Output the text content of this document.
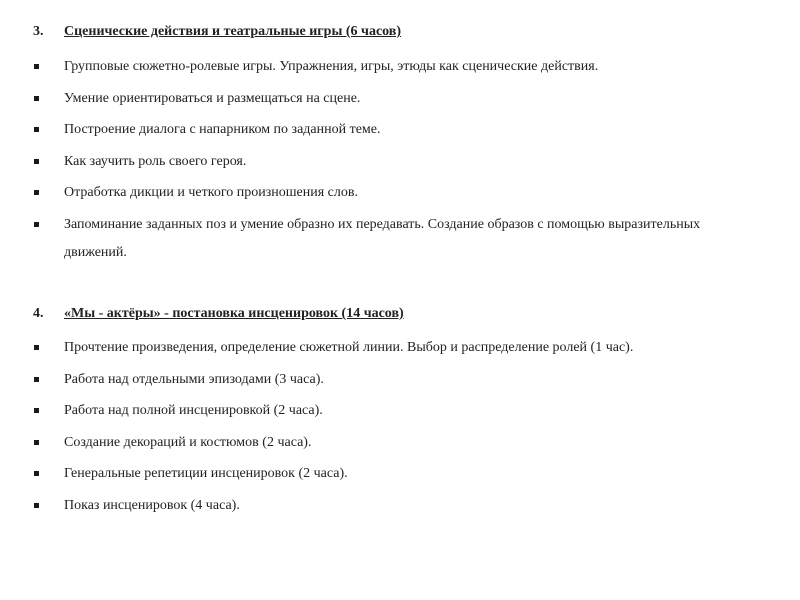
3. Сценические действия и театральные игры (6 часов)
Групповые сюжетно-ролевые игры. Упражнения, игры, этюды как сценические действия.
Умение ориентироваться и размещаться на сцене.
Построение диалога с напарником по заданной теме.
Как заучить роль своего героя.
Отработка дикции и четкого произношения слов.
Запоминание заданных поз и умение образно их передавать. Создание образов с помощью выразительных движений.
4. «Мы - актёры» - постановка инсценировок (14 часов)
Прочтение произведения, определение сюжетной линии. Выбор и распределение ролей (1 час).
Работа над отдельными эпизодами (3 часа).
Работа над полной инсценировкой (2 часа).
Создание декораций и костюмов (2 часа).
Генеральные репетиции инсценировок (2 часа).
Показ инсценировок (4 часа).
